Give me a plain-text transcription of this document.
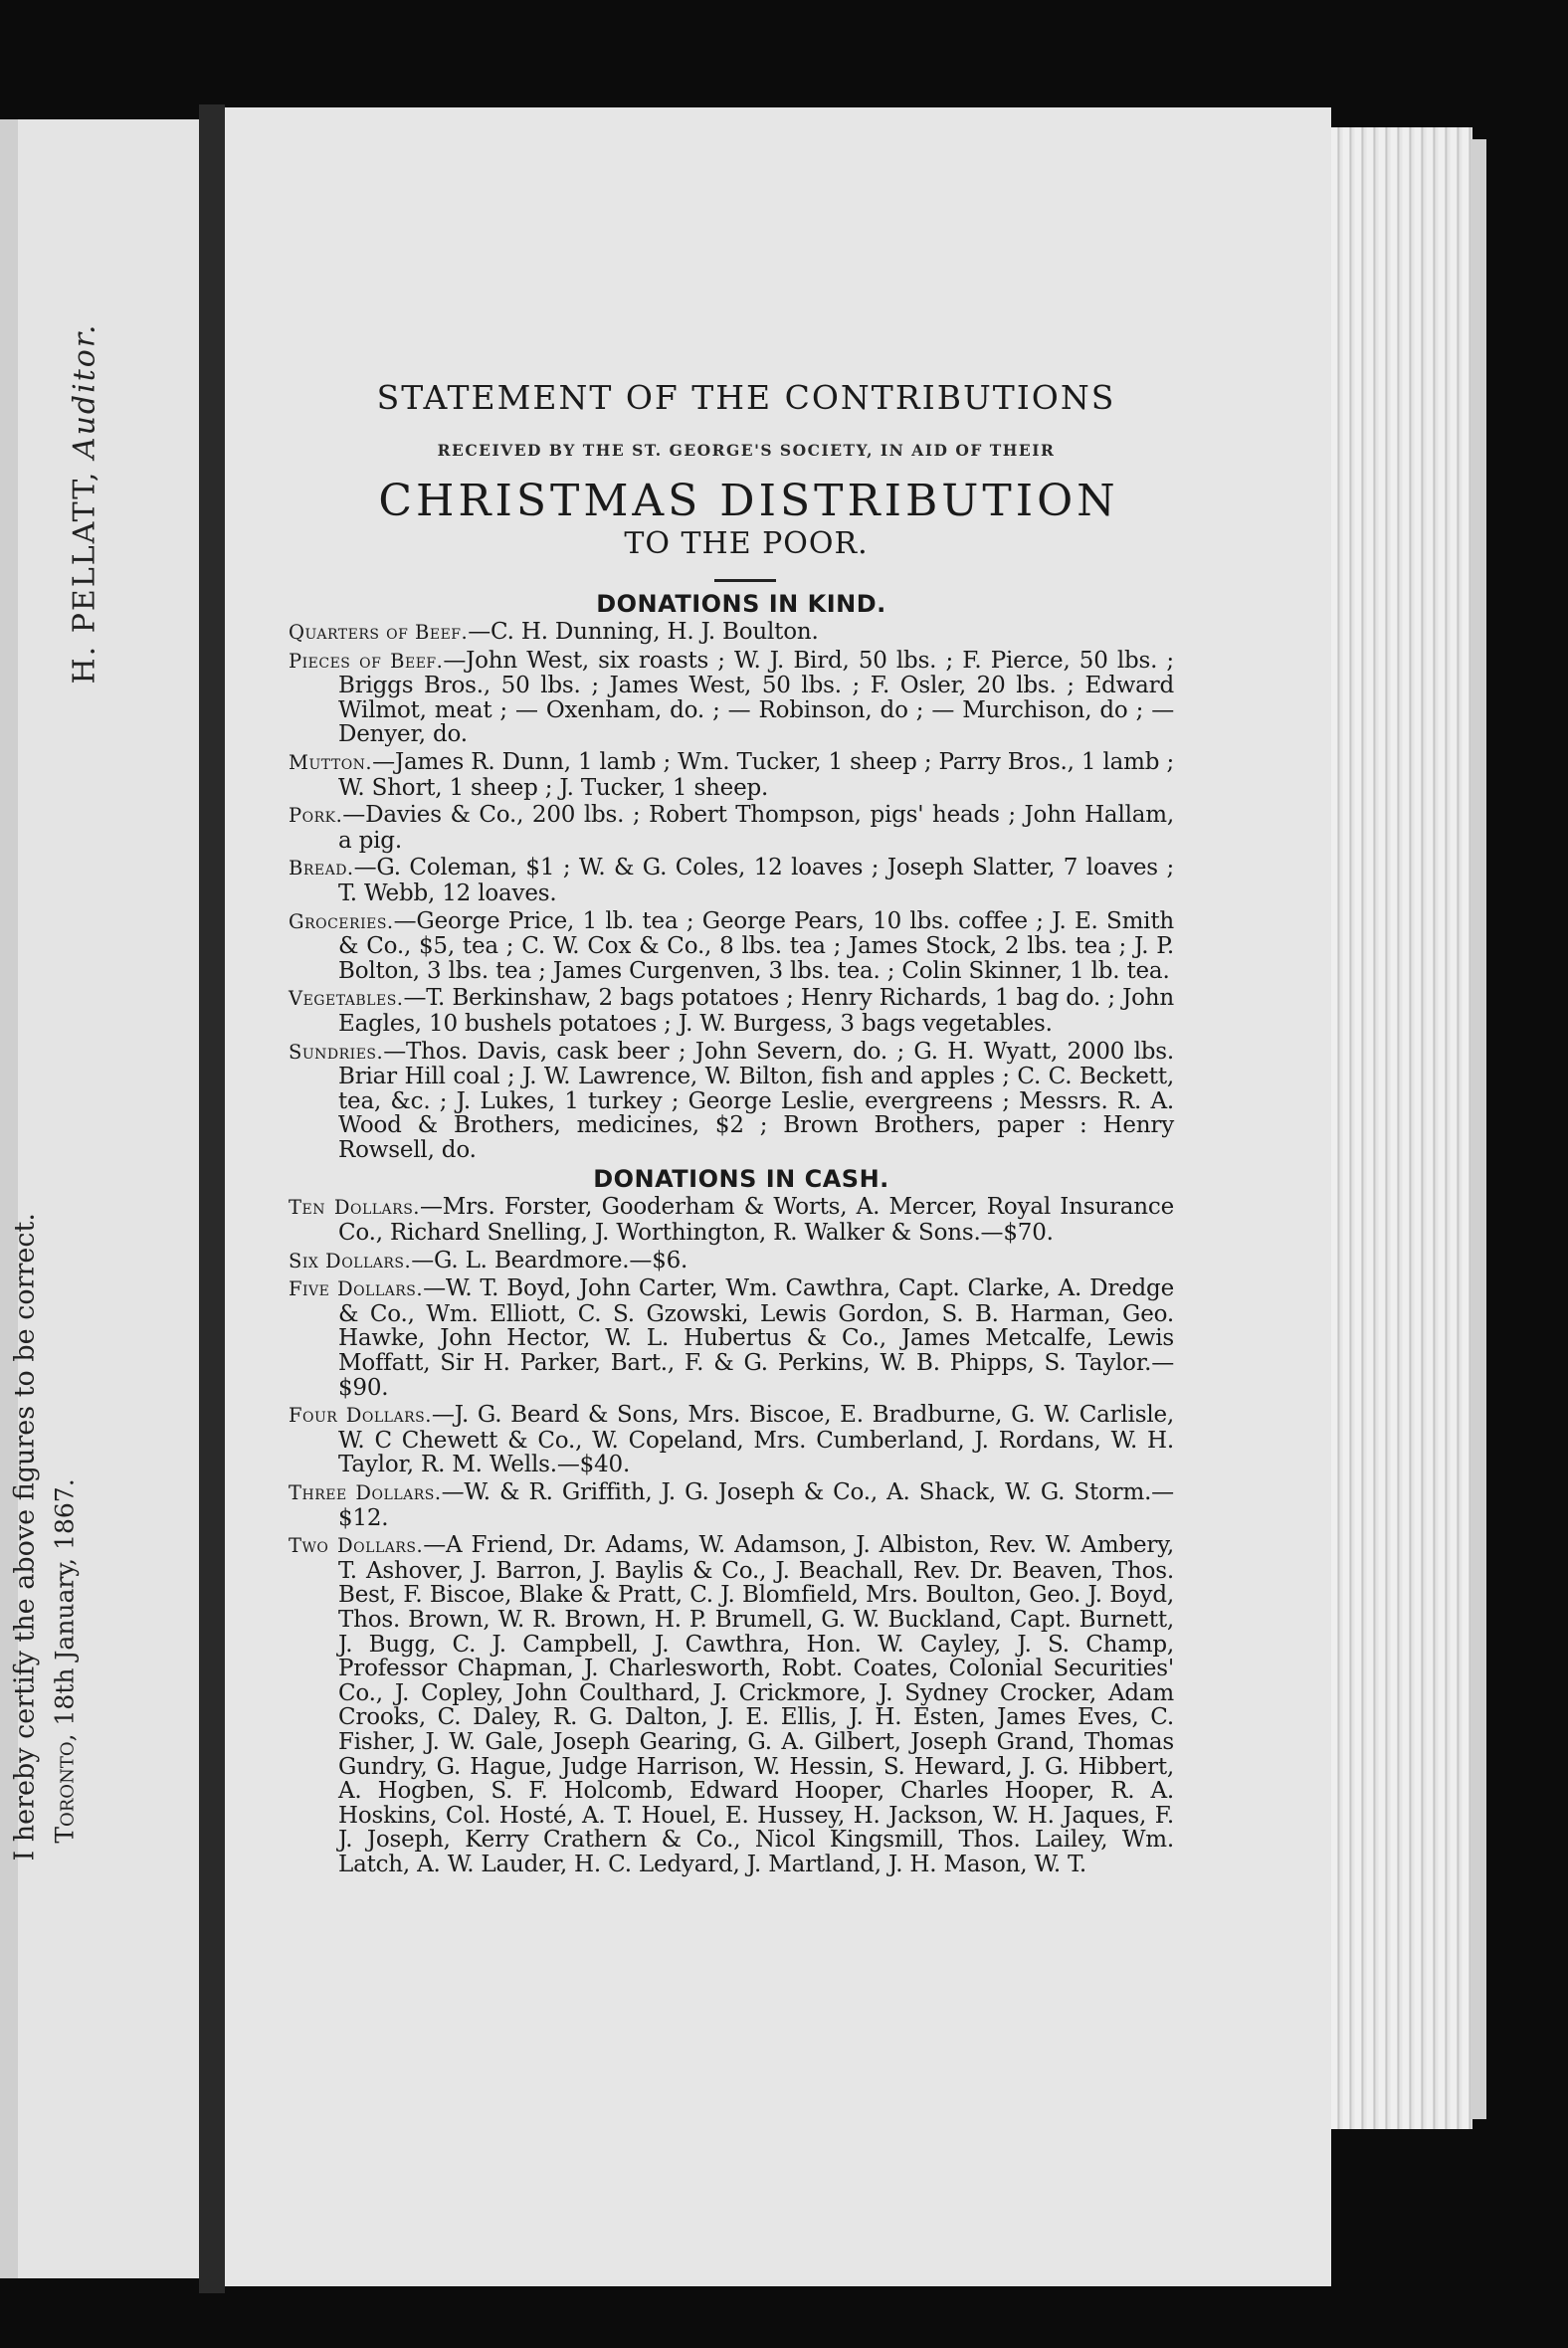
H. PELLATT, Auditor.
I hereby certify the above figures to be correct. Toronto, 18th January, 1867.
STATEMENT OF THE CONTRIBUTIONS
RECEIVED BY THE ST. GEORGE'S SOCIETY, IN AID OF THEIR
CHRISTMAS DISTRIBUTION
TO THE POOR.
DONATIONS IN KIND.

Quarters of Beef.—C. H. Dunning, H. J. Boulton.

Pieces of Beef.—John West, six roasts ; W. J. Bird, 50 lbs. ; F. Pierce, 50 lbs. ; Briggs Bros., 50 lbs. ; James West, 50 lbs. ; F. Osler, 20 lbs. ; Edward Wilmot, meat ; — Oxenham, do. ; — Robinson, do ; — Murchison, do ; — Denyer, do.

Mutton.—James R. Dunn, 1 lamb ; Wm. Tucker, 1 sheep ; Parry Bros., 1 lamb ; W. Short, 1 sheep ; J. Tucker, 1 sheep.

Pork.—Davies & Co., 200 lbs. ; Robert Thompson, pigs' heads ; John Hallam, a pig.

Bread.—G. Coleman, $1 ; W. & G. Coles, 12 loaves ; Joseph Slatter, 7 loaves ; T. Webb, 12 loaves.

Groceries.—George Price, 1 lb. tea ; George Pears, 10 lbs. coffee ; J. E. Smith & Co., $5, tea ; C. W. Cox & Co., 8 lbs. tea ; James Stock, 2 lbs. tea ; J. P. Bolton, 3 lbs. tea ; James Curgenven, 3 lbs. tea. ; Colin Skinner, 1 lb. tea.

Vegetables.—T. Berkinshaw, 2 bags potatoes ; Henry Richards, 1 bag do. ; John Eagles, 10 bushels potatoes ; J. W. Burgess, 3 bags vegetables.

Sundries.—Thos. Davis, cask beer ; John Severn, do. ; G. H. Wyatt, 2000 lbs. Briar Hill coal ; J. W. Lawrence, W. Bilton, fish and apples ; C. C. Beckett, tea, &c. ; J. Lukes, 1 turkey ; George Leslie, evergreens ; Messrs. R. A. Wood & Brothers, medicines, $2 ; Brown Brothers, paper : Henry Rowsell, do.

DONATIONS IN CASH.

Ten Dollars.—Mrs. Forster, Gooderham & Worts, A. Mercer, Royal Insurance Co., Richard Snelling, J. Worthington, R. Walker & Sons.—$70.

Six Dollars.—G. L. Beardmore.—$6.

Five Dollars.—W. T. Boyd, John Carter, Wm. Cawthra, Capt. Clarke, A. Dredge & Co., Wm. Elliott, C. S. Gzowski, Lewis Gordon, S. B. Harman, Geo. Hawke, John Hector, W. L. Hubertus & Co., James Metcalfe, Lewis Moffatt, Sir H. Parker, Bart., F. & G. Perkins, W. B. Phipps, S. Taylor.—$90.

Four Dollars.—J. G. Beard & Sons, Mrs. Biscoe, E. Bradburne, G. W. Carlisle, W. C Chewett & Co., W. Copeland, Mrs. Cumberland, J. Rordans, W. H. Taylor, R. M. Wells.—$40.

Three Dollars.—W. & R. Griffith, J. G. Joseph & Co., A. Shack, W. G. Storm.—$12.

Two Dollars.—A Friend, Dr. Adams, W. Adamson, J. Albiston, Rev. W. Ambery, T. Ashover, J. Barron, J. Baylis & Co., J. Beachall, Rev. Dr. Beaven, Thos. Best, F. Biscoe, Blake & Pratt, C. J. Blomfield, Mrs. Boulton, Geo. J. Boyd, Thos. Brown, W. R. Brown, H. P. Brumell, G. W. Buckland, Capt. Burnett, J. Bugg, C. J. Campbell, J. Cawthra, Hon. W. Cayley, J. S. Champ, Professor Chapman, J. Charlesworth, Robt. Coates, Colonial Securities' Co., J. Copley, John Coulthard, J. Crickmore, J. Sydney Crocker, Adam Crooks, C. Daley, R. G. Dalton, J. E. Ellis, J. H. Esten, James Eves, C. Fisher, J. W. Gale, Joseph Gearing, G. A. Gilbert, Joseph Grand, Thomas Gundry, G. Hague, Judge Harrison, W. Hessin, S. Heward, J. G. Hibbert, A. Hogben, S. F. Holcomb, Edward Hooper, Charles Hooper, R. A. Hoskins, Col. Hosté, A. T. Houel, E. Hussey, H. Jackson, W. H. Jaques, F. J. Joseph, Kerry Crathern & Co., Nicol Kingsmill, Thos. Lailey, Wm. Latch, A. W. Lauder, H. C. Ledyard, J. Martland, J. H. Mason, W. T.
